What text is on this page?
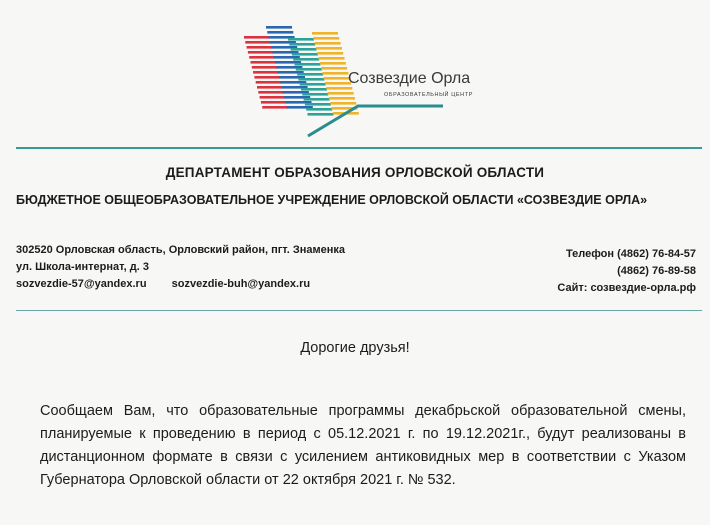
Созвездие Орла
ОБРАЗОВАТЕЛЬНЫЙ ЦЕНТР
ДЕПАРТАМЕНТ ОБРАЗОВАНИЯ ОРЛОВСКОЙ ОБЛАСТИ
БЮДЖЕТНОЕ ОБЩЕОБРАЗОВАТЕЛЬНОЕ УЧРЕЖДЕНИЕ ОРЛОВСКОЙ ОБЛАСТИ «СОЗВЕЗДИЕ ОРЛА»
302520 Орловская область, Орловский район, пгт. Знаменка
ул. Школа-интернат, д. 3
sozvezdie-57@yandex.ru sozvezdie-buh@yandex.ru
Телефон (4862) 76-84-57
(4862) 76-89-58
Сайт: созвездие-орла.рф
Дорогие друзья!
Сообщаем Вам, что образовательные программы декабрьской образовательной смены, планируемые к проведению в период с 05.12.2021 г. по 19.12.2021г., будут реализованы в дистанционном формате в связи с усилением антиковидных мер в соответствии с Указом Губернатора Орловской области от 22 октября 2021 г. № 532.
